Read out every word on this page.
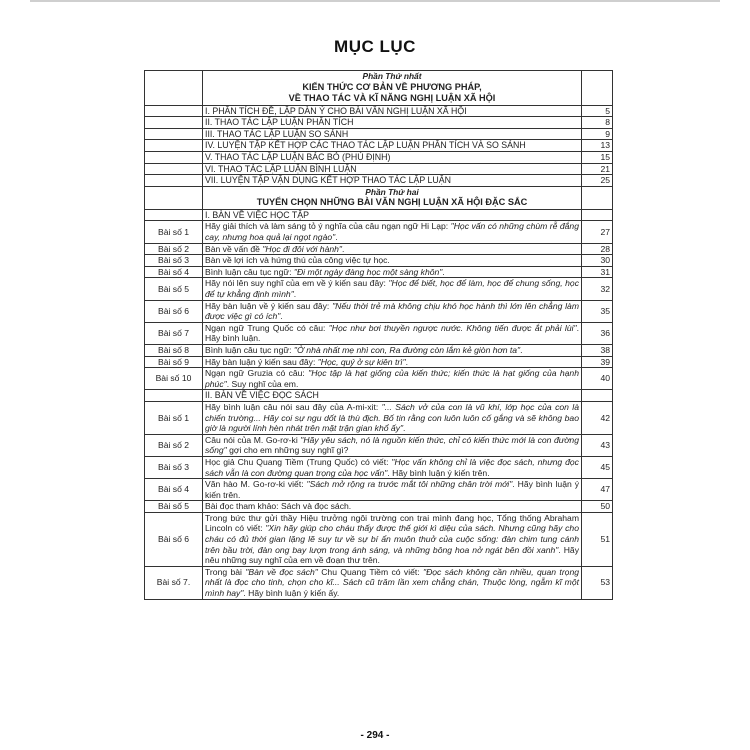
MỤC LỤC

	Phần Thứ nhất
KIẾN THỨC CƠ BẢN VỀ PHƯƠNG PHÁP,
VỀ THAO TÁC VÀ KĨ NĂNG NGHỊ LUẬN XÃ HỘI	

	I. PHÂN TÍCH ĐỀ, LẬP DÀN Ý CHO BÀI VĂN NGHỊ LUẬN XÃ HỘI	5
	II. THAO TÁC LẬP LUẬN PHÂN TÍCH	8
	III. THAO TÁC LẬP LUẬN SO SÁNH	9
	IV. LUYỆN TẬP KẾT HỢP CÁC THAO TÁC LẬP LUẬN PHÂN TÍCH VÀ SO SÁNH	13
	V. THAO TÁC LẬP LUẬN BÁC BỎ (PHỦ ĐỊNH)	15
	VI. THAO TÁC LẬP LUẬN BÌNH LUẬN	21
	VII. LUYỆN TẬP VẬN DỤNG KẾT HỢP THAO TÁC LẬP LUẬN	25

	Phần Thứ hai
TUYỂN CHỌN NHỮNG BÀI VĂN NGHỊ LUẬN XÃ HỘI ĐẶC SẮC	

	I. BÀN VỀ VIỆC HỌC TẬP	
Bài số 1	Hãy giải thích và làm sáng tỏ ý nghĩa của câu ngạn ngữ Hi Lạp: "Học vấn có những chùm rễ đắng cay, nhưng hoa quả lại ngọt ngào".	27
Bài số 2	Bàn về vấn đề "Học đi đôi với hành".	28
Bài số 3	Bàn về lợi ích và hứng thú của công việc tự học.	30
Bài số 4	Bình luận câu tục ngữ: "Đi một ngày đàng học một sàng khôn".	31
Bài số 5	Hãy nói lên suy nghĩ của em về ý kiến sau đây: "Học để biết, học để làm, học để chung sống, học để tự khẳng định mình".	32
Bài số 6	Hãy bàn luận về ý kiến sau đây: "Nếu thời trẻ mà không chịu khó học hành thì lớn lên chẳng làm được việc gì có ích".	35
Bài số 7	Ngạn ngữ Trung Quốc có câu: "Học như bơi thuyền ngược nước. Không tiến được ắt phải lùi". Hãy bình luận.	36
Bài số 8	Bình luận câu tục ngữ: "Ở nhà nhất mẹ nhì con, Ra đường còn lắm kẻ giòn hơn ta".	38
Bài số 9	Hãy bàn luận ý kiến sau đây: "Học, quý ở sự kiên trì".	39
Bài số 10	Ngạn ngữ Gruzia có câu: "Học tập là hạt giống của kiến thức; kiến thức là hạt giống của hạnh phúc". Suy nghĩ của em.	40
	II. BÀN VỀ VIỆC ĐỌC SÁCH	
Bài số 1	Hãy bình luận câu nói sau đây của A-mi-xit: "... Sách vở của con là vũ khí, lớp học của con là chiến trường... Hãy coi sự ngu dốt là thù địch. Bố tin rằng con luôn luôn cố gắng và sẽ không bao giờ là người lính hèn nhát trên mặt trận gian khổ ấy".	42
Bài số 2	Câu nói của M. Go-rơ-ki "Hãy yêu sách, nó là nguồn kiến thức, chỉ có kiến thức mới là con đường sống" gợi cho em những suy nghĩ gì?	43
Bài số 3	Học giả Chu Quang Tiềm (Trung Quốc) có viết: "Học vấn không chỉ là việc đọc sách, nhưng đọc sách vẫn là con đường quan trọng của học vấn". Hãy bình luận ý kiến trên.	45
Bài số 4	Văn hào M. Go-rơ-ki viết: "Sách mở rộng ra trước mắt tôi những chân trời mới". Hãy bình luận ý kiến trên.	47
Bài số 5	Bài đọc tham khảo: Sách và đọc sách.	50
Bài số 6	Trong bức thư gửi thầy Hiệu trưởng ngôi trường con trai mình đang học, Tổng thống Abraham Lincoln có viết: "Xin hãy giúp cho cháu thấy được thế giới kì diệu của sách. Nhưng cũng hãy cho cháu có đủ thời gian lặng lẽ suy tư về sự bí ẩn muôn thuở của cuộc sống: đàn chim tung cánh trên bầu trời, đàn ong bay lượn trong ánh sáng, và những bông hoa nở ngát bên đồi xanh". Hãy nêu những suy nghĩ của em về đoạn thư trên.	51
Bài số 7.	Trong bài "Bàn về đọc sách" Chu Quang Tiềm có viết: "Đọc sách không cần nhiều, quan trọng nhất là đọc cho tinh, chọn cho kĩ... Sách cũ trăm lần xem chẳng chán, Thuộc lòng, ngẫm kĩ một mình hay". Hãy bình luận ý kiến ấy.	53
- 294 -
